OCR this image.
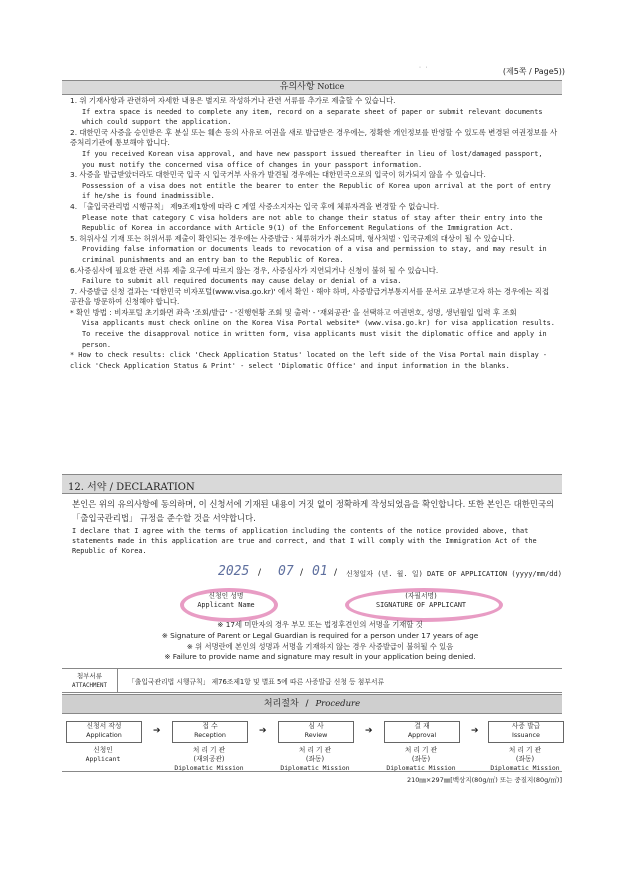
˙ ˙	(제5쪽 / Page5))
유의사항 Notice
1. 위 기재사항과 관련하여 자세한 내용은 별지로 작성하거나 관련 서류를 추가로 제출할 수 있습니다.
If extra space is needed to complete any item, record on a separate sheet of paper or submit relevant documents which could support the application.
2. 대한민국 사증을 승인받은 후 분실 또는 훼손 등의 사유로 여권을 새로 발급받은 경우에는, 정확한 개인정보를 반영할 수 있도록 변경된 여권정보를 사증처리기관에 통보해야 합니다.
If you received Korean visa approval, and have new passport issued thereafter in lieu of lost/damaged passport, you must notify the concerned visa office of changes in your passport information.
3. 사증을 발급받았더라도 대한민국 입국 시 입국거부 사유가 발견될 경우에는 대한민국으로의 입국이 허가되지 않을 수 있습니다.
Possession of a visa does not entitle the bearer to enter the Republic of Korea upon arrival at the port of entry if he/she is found inadmissible.
4. 「출입국관리법 시행규칙」 제9조제1항에 따라 C 계열 사증소지자는 입국 후에 체류자격을 변경할 수 없습니다.
Please note that category C visa holders are not able to change their status of stay after their entry into the Republic of Korea in accordance with Article 9(1) of the Enforcement Regulations of the Immigration Act.
5. 허위사실 기재 또는 허위서류 제출이 확인되는 경우에는 사증발급ㆍ체류허가가 취소되며, 형사처벌ㆍ입국규제의 대상이 될 수 있습니다.
Providing false information or documents leads to revocation of a visa and permission to stay, and may result in criminal punishments and an entry ban to the Republic of Korea.
6.사증심사에 필요한 관련 서류 제출 요구에 따르지 않는 경우, 사증심사가 지연되거나 신청이 불허 될 수 있습니다.
Failure to submit all required documents may cause delay or denial of a visa.
7. 사증발급 신청 결과는 '대한민국 비자포털(www.visa.go.kr)' 에서 확인ㆍ해야 하며, 사증발급거부통지서를 문서로 교부받고자 하는 경우에는 직접 공관을 방문하여 신청해야 합니다.
* 확인 방법 : 비자포털 초기화면 좌측 '조회/발급' - '진행현황 조회 및 출력' - '재외공관' 을 선택하고 여권번호, 성명, 생년월일 입력 후 조회
Visa applicants must check online on the Korea Visa Portal website* (www.visa.go.kr) for visa application results. To receive the disapproval notice in written form, visa applicants must visit the diplomatic office and apply in person.
* How to check results: click 'Check Application Status' located on the left side of the Visa Portal main display - click 'Check Application Status & Print' - select 'Diplomatic Office' and input information in the blanks.
12. 서약 / DECLARATION
본인은 위의 유의사항에 동의하며, 이 신청서에 기재된 내용이 거짓 없이 정확하게 작성되었음을 확인합니다. 또한 본인은 대한민국의 「출입국관리법」 규정을 준수할 것을 서약합니다.
I declare that I agree with the terms of application including the contents of the notice provided above, that statements made in this application are true and correct, and that I will comply with the Immigration Act of the Republic of Korea.
2025 / 07 / 01 / 신청일자 (년. 월. 일) DATE OF APPLICATION (yyyy/mm/dd)
신청인 성명
Applicant Name
(자필서명)
SIGNATURE OF APPLICANT
※ 17세 미만자의 경우 부모 또는 법정후견인의 서명을 기재할 것
※ Signature of Parent or Legal Guardian is required for a person under 17 years of age
※ 위 서명란에 본인의 성명과 서명을 기재하지 않는 경우 사증발급이 불허될 수 있음
※ Failure to provide name and signature may result in your application being denied.
첨부서류
ATTACHMENT	「출입국관리법 시행규칙」 제76조제1항 및 별표 5에 따른 사증발급 신청 등 첨부서류
처리절차 / Procedure
신청서 작성
Application	➔	접 수
Reception	➔	심 사
Review	➔	결 재
Approval	➔	사증 발급
Issuance
신청인
Applicant
처 리 기 관
(재외공관)
Diplomatic Mission
처 리 기 관
(좌동)
Diplomatic Mission
처 리 기 관
(좌동)
Diplomatic Mission
처 리 기 관
(좌동)
Diplomatic Mission
210㎜×297㎜[백상지(80g/㎡) 또는 중질지(80g/㎡)]
